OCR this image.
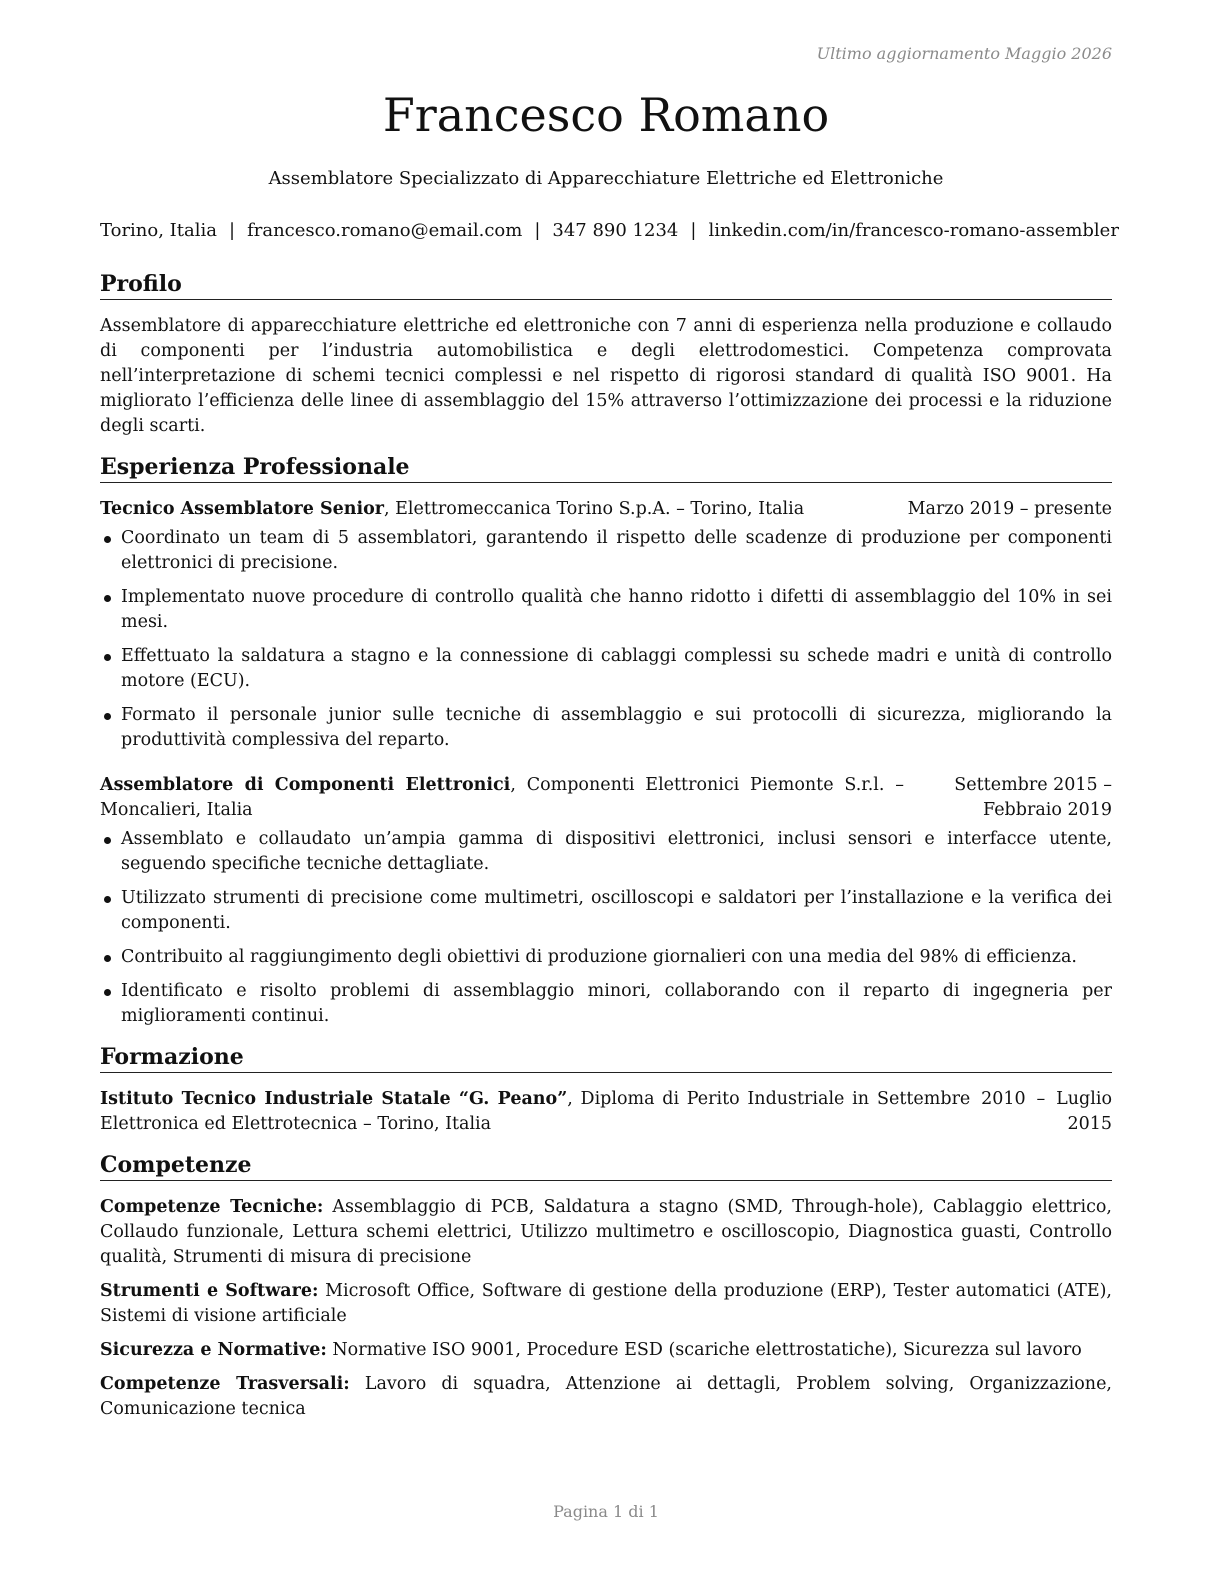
Ultimo aggiornamento Maggio 2026
Francesco Romano
Assemblatore Specializzato di Apparecchiature Elettriche ed Elettroniche
Torino, Italia | francesco.romano@email.com | 347 890 1234 | linkedin.com/in/francesco-romano-assembler
Profilo
Assemblatore di apparecchiature elettriche ed elettroniche con 7 anni di esperienza nella produzione e collaudo di componenti per l’industria automobilistica e degli elettrodomestici. Competenza comprovata nell’interpretazione di schemi tecnici complessi e nel rispetto di rigorosi standard di qualità ISO 9001. Ha migliorato l’efficienza delle linee di assemblaggio del 15% attraverso l’ottimizzazione dei processi e la riduzione degli scarti.
Esperienza Professionale
Tecnico Assemblatore Senior, Elettromeccanica Torino S.p.A. – Torino, Italia	Marzo 2019 – presente
Coordinato un team di 5 assemblatori, garantendo il rispetto delle scadenze di produzione per componenti elettronici di precisione.
Implementato nuove procedure di controllo qualità che hanno ridotto i difetti di assemblaggio del 10% in sei mesi.
Effettuato la saldatura a stagno e la connessione di cablaggi complessi su schede madri e unità di controllo motore (ECU).
Formato il personale junior sulle tecniche di assemblaggio e sui protocolli di sicurezza, migliorando la produttività complessiva del reparto.
Assemblatore di Componenti Elettronici, Componenti Elettronici Piemonte S.r.l. – Moncalieri, Italia
Settembre 2015 – Febbraio 2019
Assemblato e collaudato un’ampia gamma di dispositivi elettronici, inclusi sensori e interfacce utente, seguendo specifiche tecniche dettagliate.
Utilizzato strumenti di precisione come multimetri, oscilloscopi e saldatori per l’installazione e la verifica dei componenti.
Contribuito al raggiungimento degli obiettivi di produzione giornalieri con una media del 98% di efficienza.
Identificato e risolto problemi di assemblaggio minori, collaborando con il reparto di ingegneria per miglioramenti continui.
Formazione
Istituto Tecnico Industriale Statale “G. Peano”, Diploma di Perito Industriale in Elettronica ed Elettrotecnica – Torino, Italia
Settembre 2010 – Luglio 2015
Competenze
Competenze Tecniche: Assemblaggio di PCB, Saldatura a stagno (SMD, Through-hole), Cablaggio elettrico, Collaudo funzionale, Lettura schemi elettrici, Utilizzo multimetro e oscilloscopio, Diagnostica guasti, Controllo qualità, Strumenti di misura di precisione
Strumenti e Software: Microsoft Office, Software di gestione della produzione (ERP), Tester automatici (ATE), Sistemi di visione artificiale
Sicurezza e Normative: Normative ISO 9001, Procedure ESD (scariche elettrostatiche), Sicurezza sul lavoro
Competenze Trasversali: Lavoro di squadra, Attenzione ai dettagli, Problem solving, Organizzazione, Comunicazione tecnica
Pagina 1 di 1
